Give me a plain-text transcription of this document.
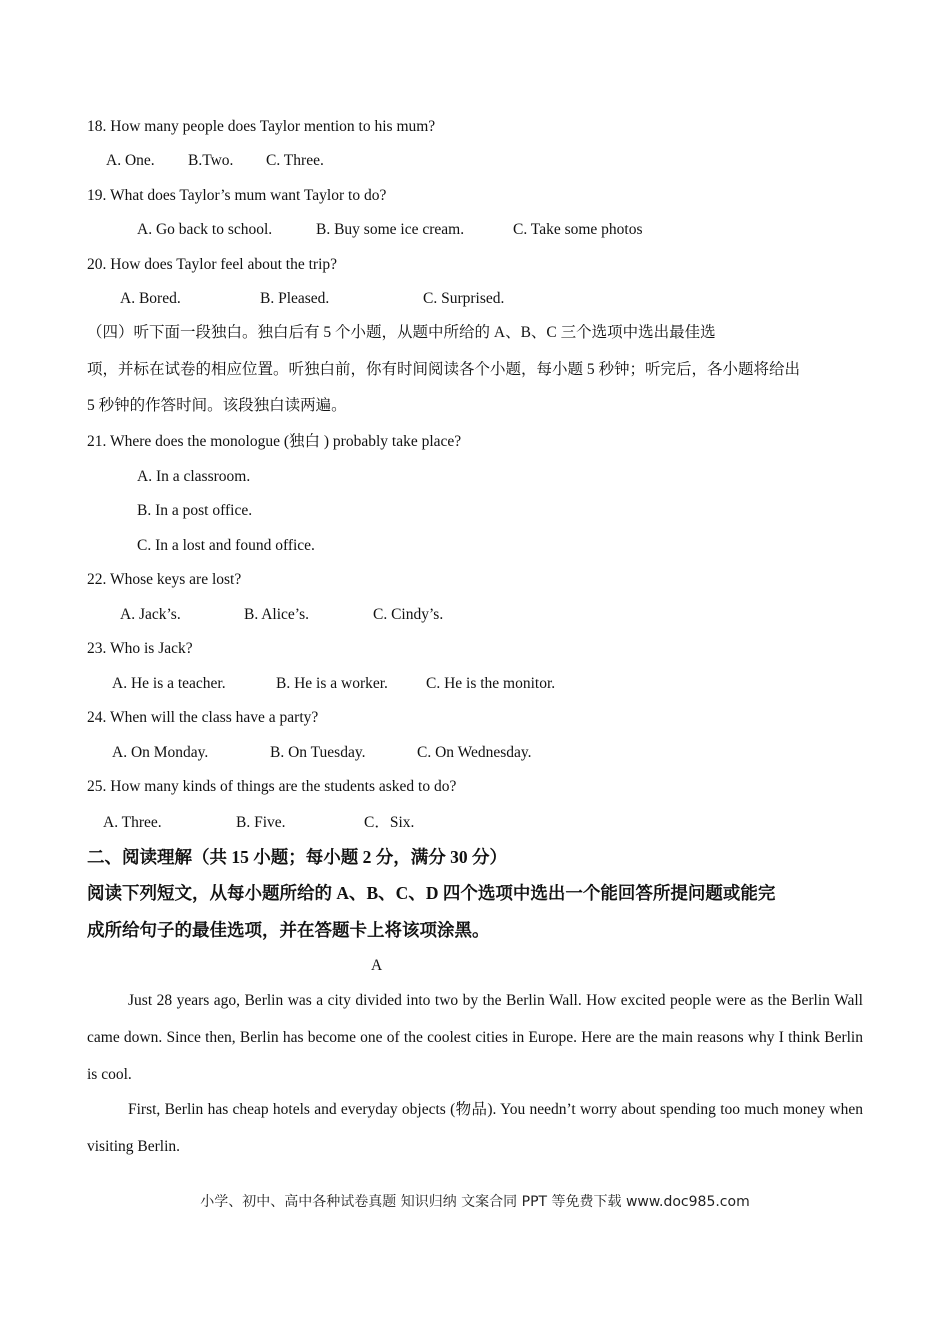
18. How many people does Taylor mention to his mum?
A. One. B.Two. C. Three.
19. What does Taylor’s mum want Taylor to do?
A. Go back to school.	B. Buy some ice cream.	C. Take some photos
20. How does Taylor feel about the trip?
A. Bored.	B. Pleased.	C. Surprised.
（四）听下面一段独白。独白后有 5 个小题，从题中所给的 A、B、C 三个选项中选出最佳选
项，并标在试卷的相应位置。听独白前，你有时间阅读各个小题，每小题 5 秒钟；听完后，各小题将给出
5 秒钟的作答时间。该段独白读两遍。
21. Where does the monologue (独白 ) probably take place?
A. In a classroom.
B. In a post office.
C. In a lost and found office.
22. Whose keys are lost?
A. Jack’s.	B. Alice’s.	C. Cindy’s.
23. Who is Jack?
A. He is a teacher.	B. He is a worker. C. He is the monitor.
24. When will the class have a party?
A. On Monday.	B. On Tuesday.	C. On Wednesday.
25. How many kinds of things are the students asked to do?
A. Three.	B. Five.	C．Six.
二、阅读理解（共 15 小题；每小题 2 分，满分 30 分）
阅读下列短文，从每小题所给的 A、B、C、D 四个选项中选出一个能回答所提问题或能完
成所给句子的最佳选项，并在答题卡上将该项涂黑。
A
Just 28 years ago, Berlin was a city divided into two by the Berlin Wall. How excited people were as the Berlin Wall came down. Since then, Berlin has become one of the coolest cities in Europe. Here are the main reasons why I think Berlin is cool.
First, Berlin has cheap hotels and everyday objects (物品). You needn’t worry about spending too much money when visiting Berlin.
小学、初中、高中各种试卷真题 知识归纳 文案合同 PPT 等免费下载 www.doc985.com
